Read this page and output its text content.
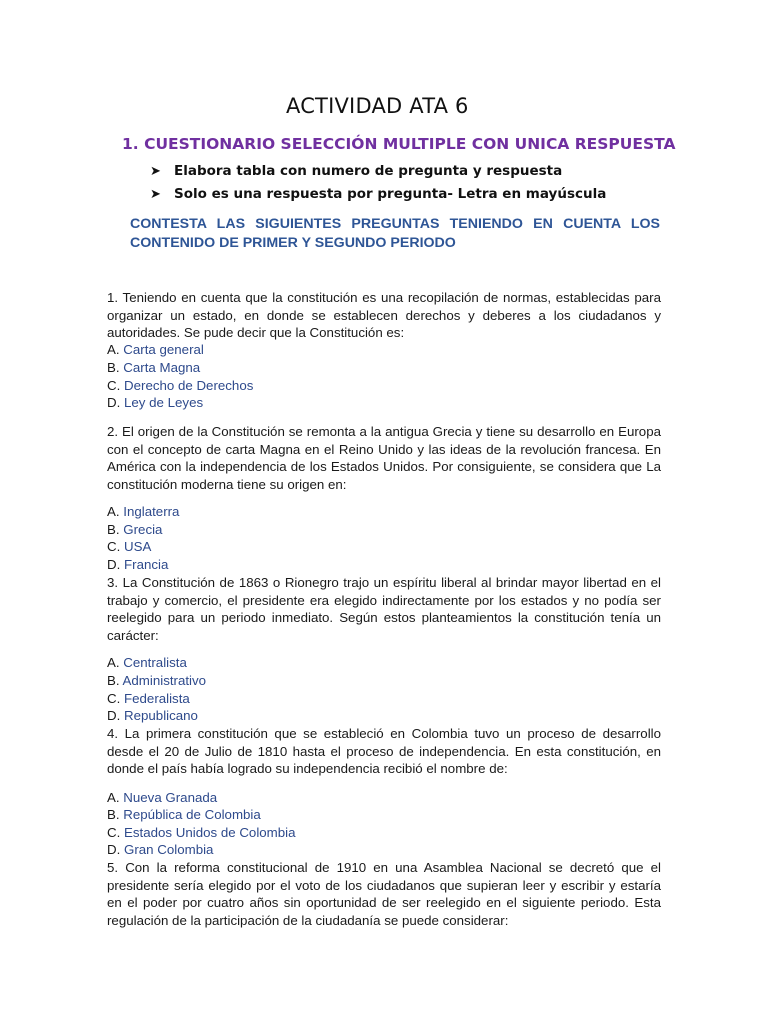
ACTIVIDAD ATA 6
1. CUESTIONARIO SELECCIÓN MULTIPLE CON UNICA RESPUESTA
➤ Elabora tabla con numero de pregunta y respuesta
➤ Solo es una respuesta por pregunta- Letra en mayúscula
CONTESTA LAS SIGUIENTES PREGUNTAS TENIENDO EN CUENTA LOS CONTENIDO DE PRIMER Y SEGUNDO PERIODO
1. Teniendo en cuenta que la constitución es una recopilación de normas, establecidas para organizar un estado, en donde se establecen derechos y deberes a los ciudadanos y autoridades. Se pude decir que la Constitución es:
A. Carta general
B. Carta Magna
C. Derecho de Derechos
D. Ley de Leyes
2. El origen de la Constitución se remonta a la antigua Grecia y tiene su desarrollo en Europa con el concepto de carta Magna en el Reino Unido y las ideas de la revolución francesa. En América con la independencia de los Estados Unidos. Por consiguiente, se considera que La constitución moderna tiene su origen en:
A. Inglaterra
B. Grecia
C. USA
D. Francia
3. La Constitución de 1863 o Rionegro trajo un espíritu liberal al brindar mayor libertad en el trabajo y comercio, el presidente era elegido indirectamente por los estados y no podía ser reelegido para un periodo inmediato. Según estos planteamientos la constitución tenía un carácter:
A. Centralista
B. Administrativo
C. Federalista
D. Republicano
4. La primera constitución que se estableció en Colombia tuvo un proceso de desarrollo desde el 20 de Julio de 1810 hasta el proceso de independencia. En esta constitución, en donde el país había logrado su independencia recibió el nombre de:
A. Nueva Granada
B. República de Colombia
C. Estados Unidos de Colombia
D. Gran Colombia
5. Con la reforma constitucional de 1910 en una Asamblea Nacional se decretó que el presidente sería elegido por el voto de los ciudadanos que supieran leer y escribir y estaría en el poder por cuatro años sin oportunidad de ser reelegido en el siguiente periodo. Esta regulación de la participación de la ciudadanía se puede considerar:
